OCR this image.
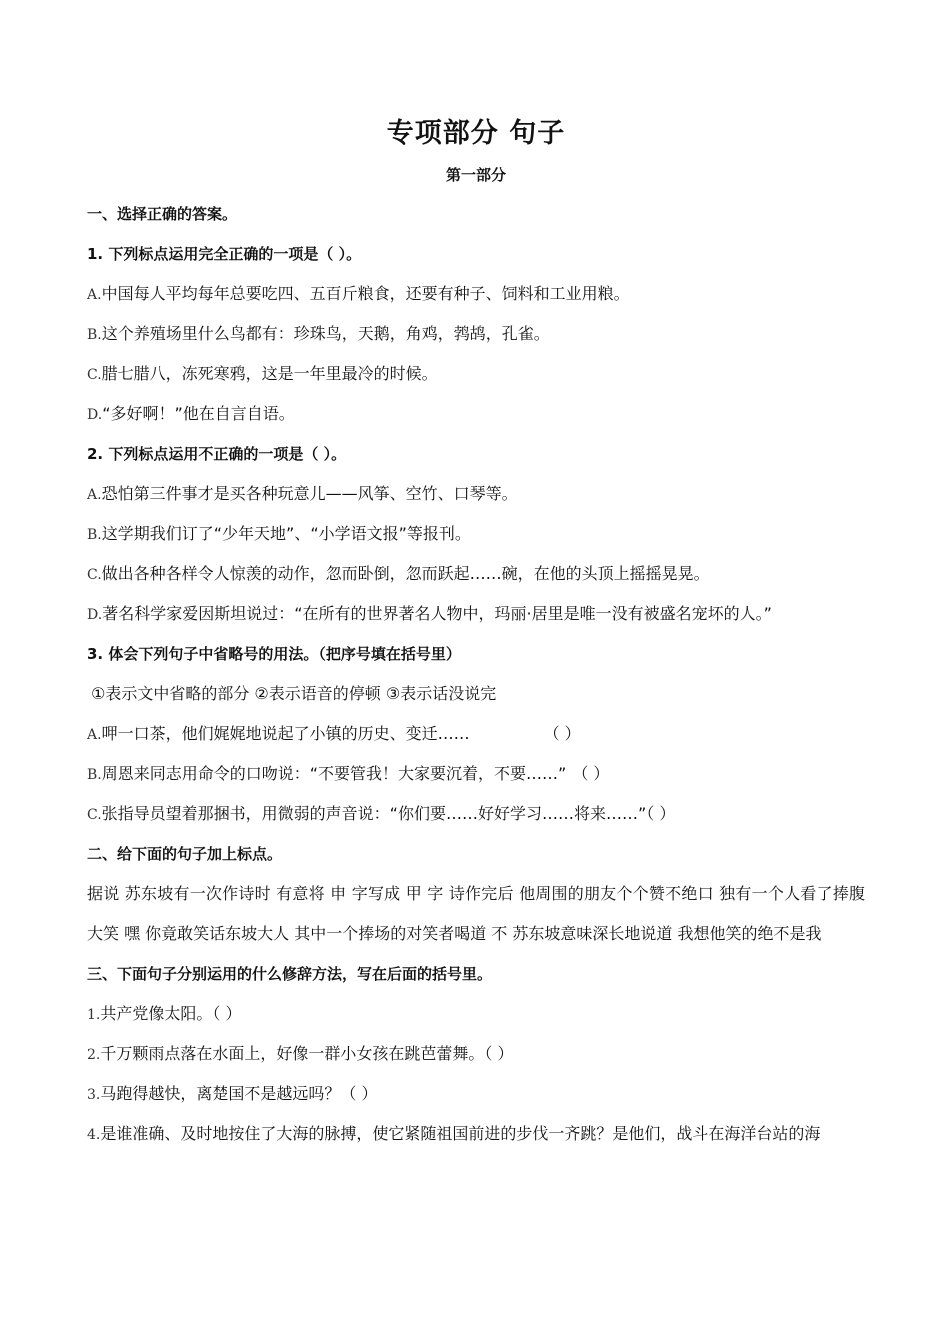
专项部分 句子
第一部分
一、选择正确的答案。
1. 下列标点运用完全正确的一项是（ ）。
A.中国每人平均每年总要吃四、五百斤粮食，还要有种子、饲料和工业用粮。
B.这个养殖场里什么鸟都有：珍珠鸟，天鹅，角鸡，鹁鸪，孔雀。
C.腊七腊八，冻死寒鸦，这是一年里最冷的时候。
D.“多好啊！”他在自言自语。
2. 下列标点运用不正确的一项是（ ）。
A.恐怕第三件事才是买各种玩意儿——风筝、空竹、口琴等。
B.这学期我们订了“少年天地”、“小学语文报”等报刊。
C.做出各种各样令人惊羡的动作，忽而卧倒，忽而跃起……碗，在他的头顶上摇摇晃晃。
D.著名科学家爱因斯坦说过：“在所有的世界著名人物中，玛丽·居里是唯一没有被盛名宠坏的人。”
3. 体会下列句子中省略号的用法。（把序号填在括号里）
①表示文中省略的部分 ②表示语音的停顿 ③表示话没说完
A.呷一口茶，他们娓娓地说起了小镇的历史、变迁……	（ ）
B.周恩来同志用命令的口吻说：“不要管我！大家要沉着，不要……” （ ）
C.张指导员望着那捆书，用微弱的声音说：“你们要……好好学习……将来……”（ ）
二、给下面的句子加上标点。

据说 苏东坡有一次作诗时 有意将 申 字写成 甲 字 诗作完后 他周围的朋友个个赞不绝口 独有一个人看了捧腹大笑 嘿 你竟敢笑话东坡大人 其中一个捧场的对笑者喝道 不 苏东坡意味深长地说道 我想他笑的绝不是我

三、下面句子分别运用的什么修辞方法，写在后面的括号里。
1.共产党像太阳。（ ）
2.千万颗雨点落在水面上，好像一群小女孩在跳芭蕾舞。（ ）
3.马跑得越快，离楚国不是越远吗？（ ）
4.是谁准确、及时地按住了大海的脉搏，使它紧随祖国前进的步伐一齐跳？是他们，战斗在海洋台站的海
